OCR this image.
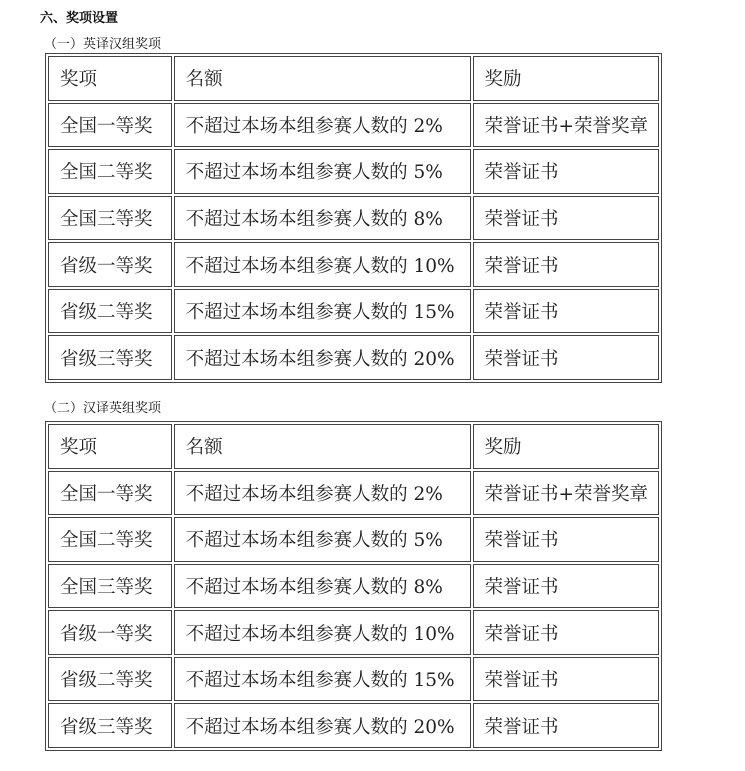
六、奖项设置
（一）英译汉组奖项
奖项	名额	奖励
全国一等奖	不超过本场本组参赛人数的 2%	荣誉证书+荣誉奖章
全国二等奖	不超过本场本组参赛人数的 5%	荣誉证书
全国三等奖	不超过本场本组参赛人数的 8%	荣誉证书
省级一等奖	不超过本场本组参赛人数的 10%	荣誉证书
省级二等奖	不超过本场本组参赛人数的 15%	荣誉证书
省级三等奖	不超过本场本组参赛人数的 20%	荣誉证书
（二）汉译英组奖项
奖项	名额	奖励
全国一等奖	不超过本场本组参赛人数的 2%	荣誉证书+荣誉奖章
全国二等奖	不超过本场本组参赛人数的 5%	荣誉证书
全国三等奖	不超过本场本组参赛人数的 8%	荣誉证书
省级一等奖	不超过本场本组参赛人数的 10%	荣誉证书
省级二等奖	不超过本场本组参赛人数的 15%	荣誉证书
省级三等奖	不超过本场本组参赛人数的 20%	荣誉证书
